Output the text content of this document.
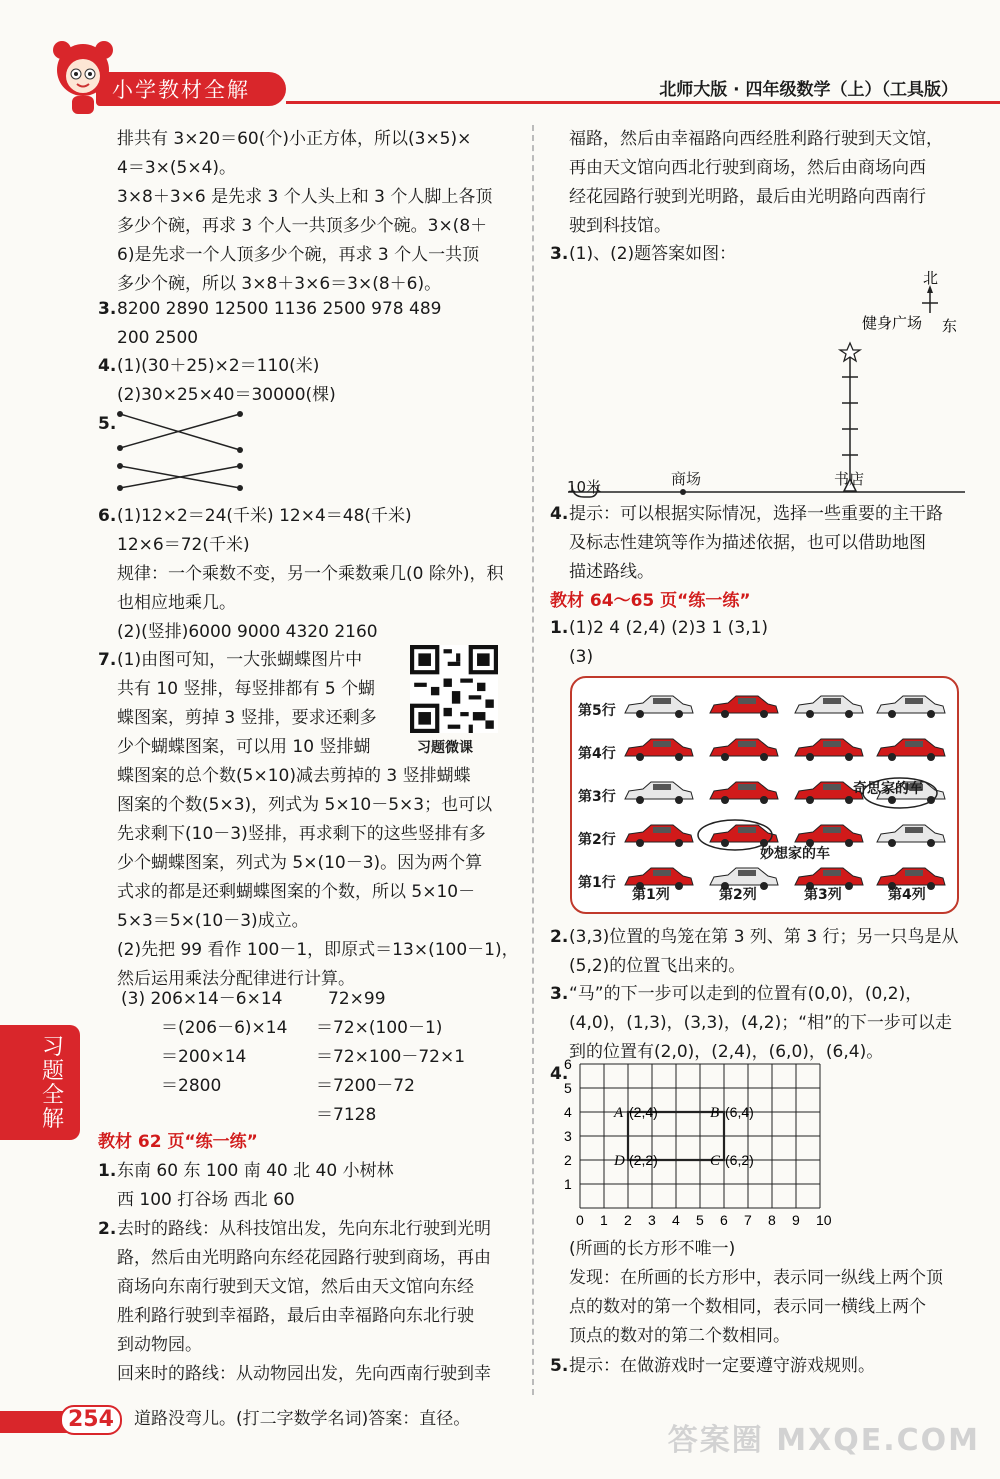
小学教材全解	北师大版 · 四年级数学（上）（工具版）
习题全解
排共有 3×20＝60(个)小正方体，所以(3×5)×
4＝3×(5×4)。
3×8＋3×6 是先求 3 个人头上和 3 个人脚上各顶
多少个碗，再求 3 个人一共顶多少个碗。3×(8＋
6)是先求一个人顶多少个碗，再求 3 个人一共顶
多少个碗，所以 3×8＋3×6＝3×(8＋6)。
3. 8200 2890 12500 1136 2500 978 489
200 2500
4. (1)(30＋25)×2＝110(米)
(2)30×25×40＝30000(棵)
5.
6. (1)12×2＝24(千米) 12×4＝48(千米)
12×6＝72(千米)
规律：一个乘数不变，另一个乘数乘几(0 除外)，积
也相应地乘几。
(2)(竖排)6000 9000 4320 2160
7. (1)由图可知，一大张蝴蝶图片中
共有 10 竖排，每竖排都有 5 个蝴
蝶图案，剪掉 3 竖排，要求还剩多
少个蝴蝶图案，可以用 10 竖排蝴
蝶图案的总个数(5×10)减去剪掉的 3 竖排蝴蝶
图案的个数(5×3)，列式为 5×10－5×3；也可以
先求剩下(10－3)竖排，再求剩下的这些竖排有多
少个蝴蝶图案，列式为 5×(10－3)。因为两个算
式求的都是还剩蝴蝶图案的个数，所以 5×10－
5×3＝5×(10－3)成立。
(2)先把 99 看作 100－1，即原式＝13×(100－1)，
然后运用乘法分配律进行计算。
习题微课
(3) 206×14－6×14
＝(206－6)×14
＝200×14
＝2800
72×99
＝72×(100－1)
＝72×100－72×1
＝7200－72
＝7128
教材 62 页“练一练”
1. 东南 60 东 100 南 40 北 40 小树林
西 100 打谷场 西北 60
2. 去时的路线：从科技馆出发，先向东北行驶到光明
路，然后由光明路向东经花园路行驶到商场，再由
商场向东南行驶到天文馆，然后由天文馆向东经
胜利路行驶到幸福路，最后由幸福路向东北行驶
到动物园。
回来时的路线：从动物园出发，先向西南行驶到幸
福路，然后由幸福路向西经胜利路行驶到天文馆，
再由天文馆向西北行驶到商场，然后由商场向西
经花园路行驶到光明路，最后由光明路向西南行
驶到科技馆。
3. (1)、(2)题答案如图：
北
东
健身广场
商场	书店
10米
4. 提示：可以根据实际情况，选择一些重要的主干路
及标志性建筑等作为描述依据，也可以借助地图
描述路线。
教材 64～65 页“练一练”
1. (1)2 4 (2,4) (2)3 1 (3,1)
(3)
第5行
第4行
第3行
第2行
第1行
奇思家的车
妙想家的车
第1列	第2列	第3列	第4列
2. (3,3)位置的鸟笼在第 3 列、第 3 行；另一只鸟是从
(5,2)的位置飞出来的。
3. “马”的下一步可以走到的位置有(0,0)，(0,2)，
(4,0)，(1,3)，(3,3)，(4,2)；“相”的下一步可以走
到的位置有(2,0)，(2,4)，(6,0)，(6,4)。
4.
0 1 2 3 4 5 6 7 8 9 10
1
2
3
4
5
6
A (2,4)	B (6,4)
C (6,2)
D (2,2)
(所画的长方形不唯一)
发现：在所画的长方形中，表示同一纵线上两个顶
点的数对的第一个数相同，表示同一横线上两个
顶点的数对的第二个数相同。
5. 提示：在做游戏时一定要遵守游戏规则。
254	道路没弯儿。(打二字数学名词)答案：直径。
答案圈 MXQE.COM
